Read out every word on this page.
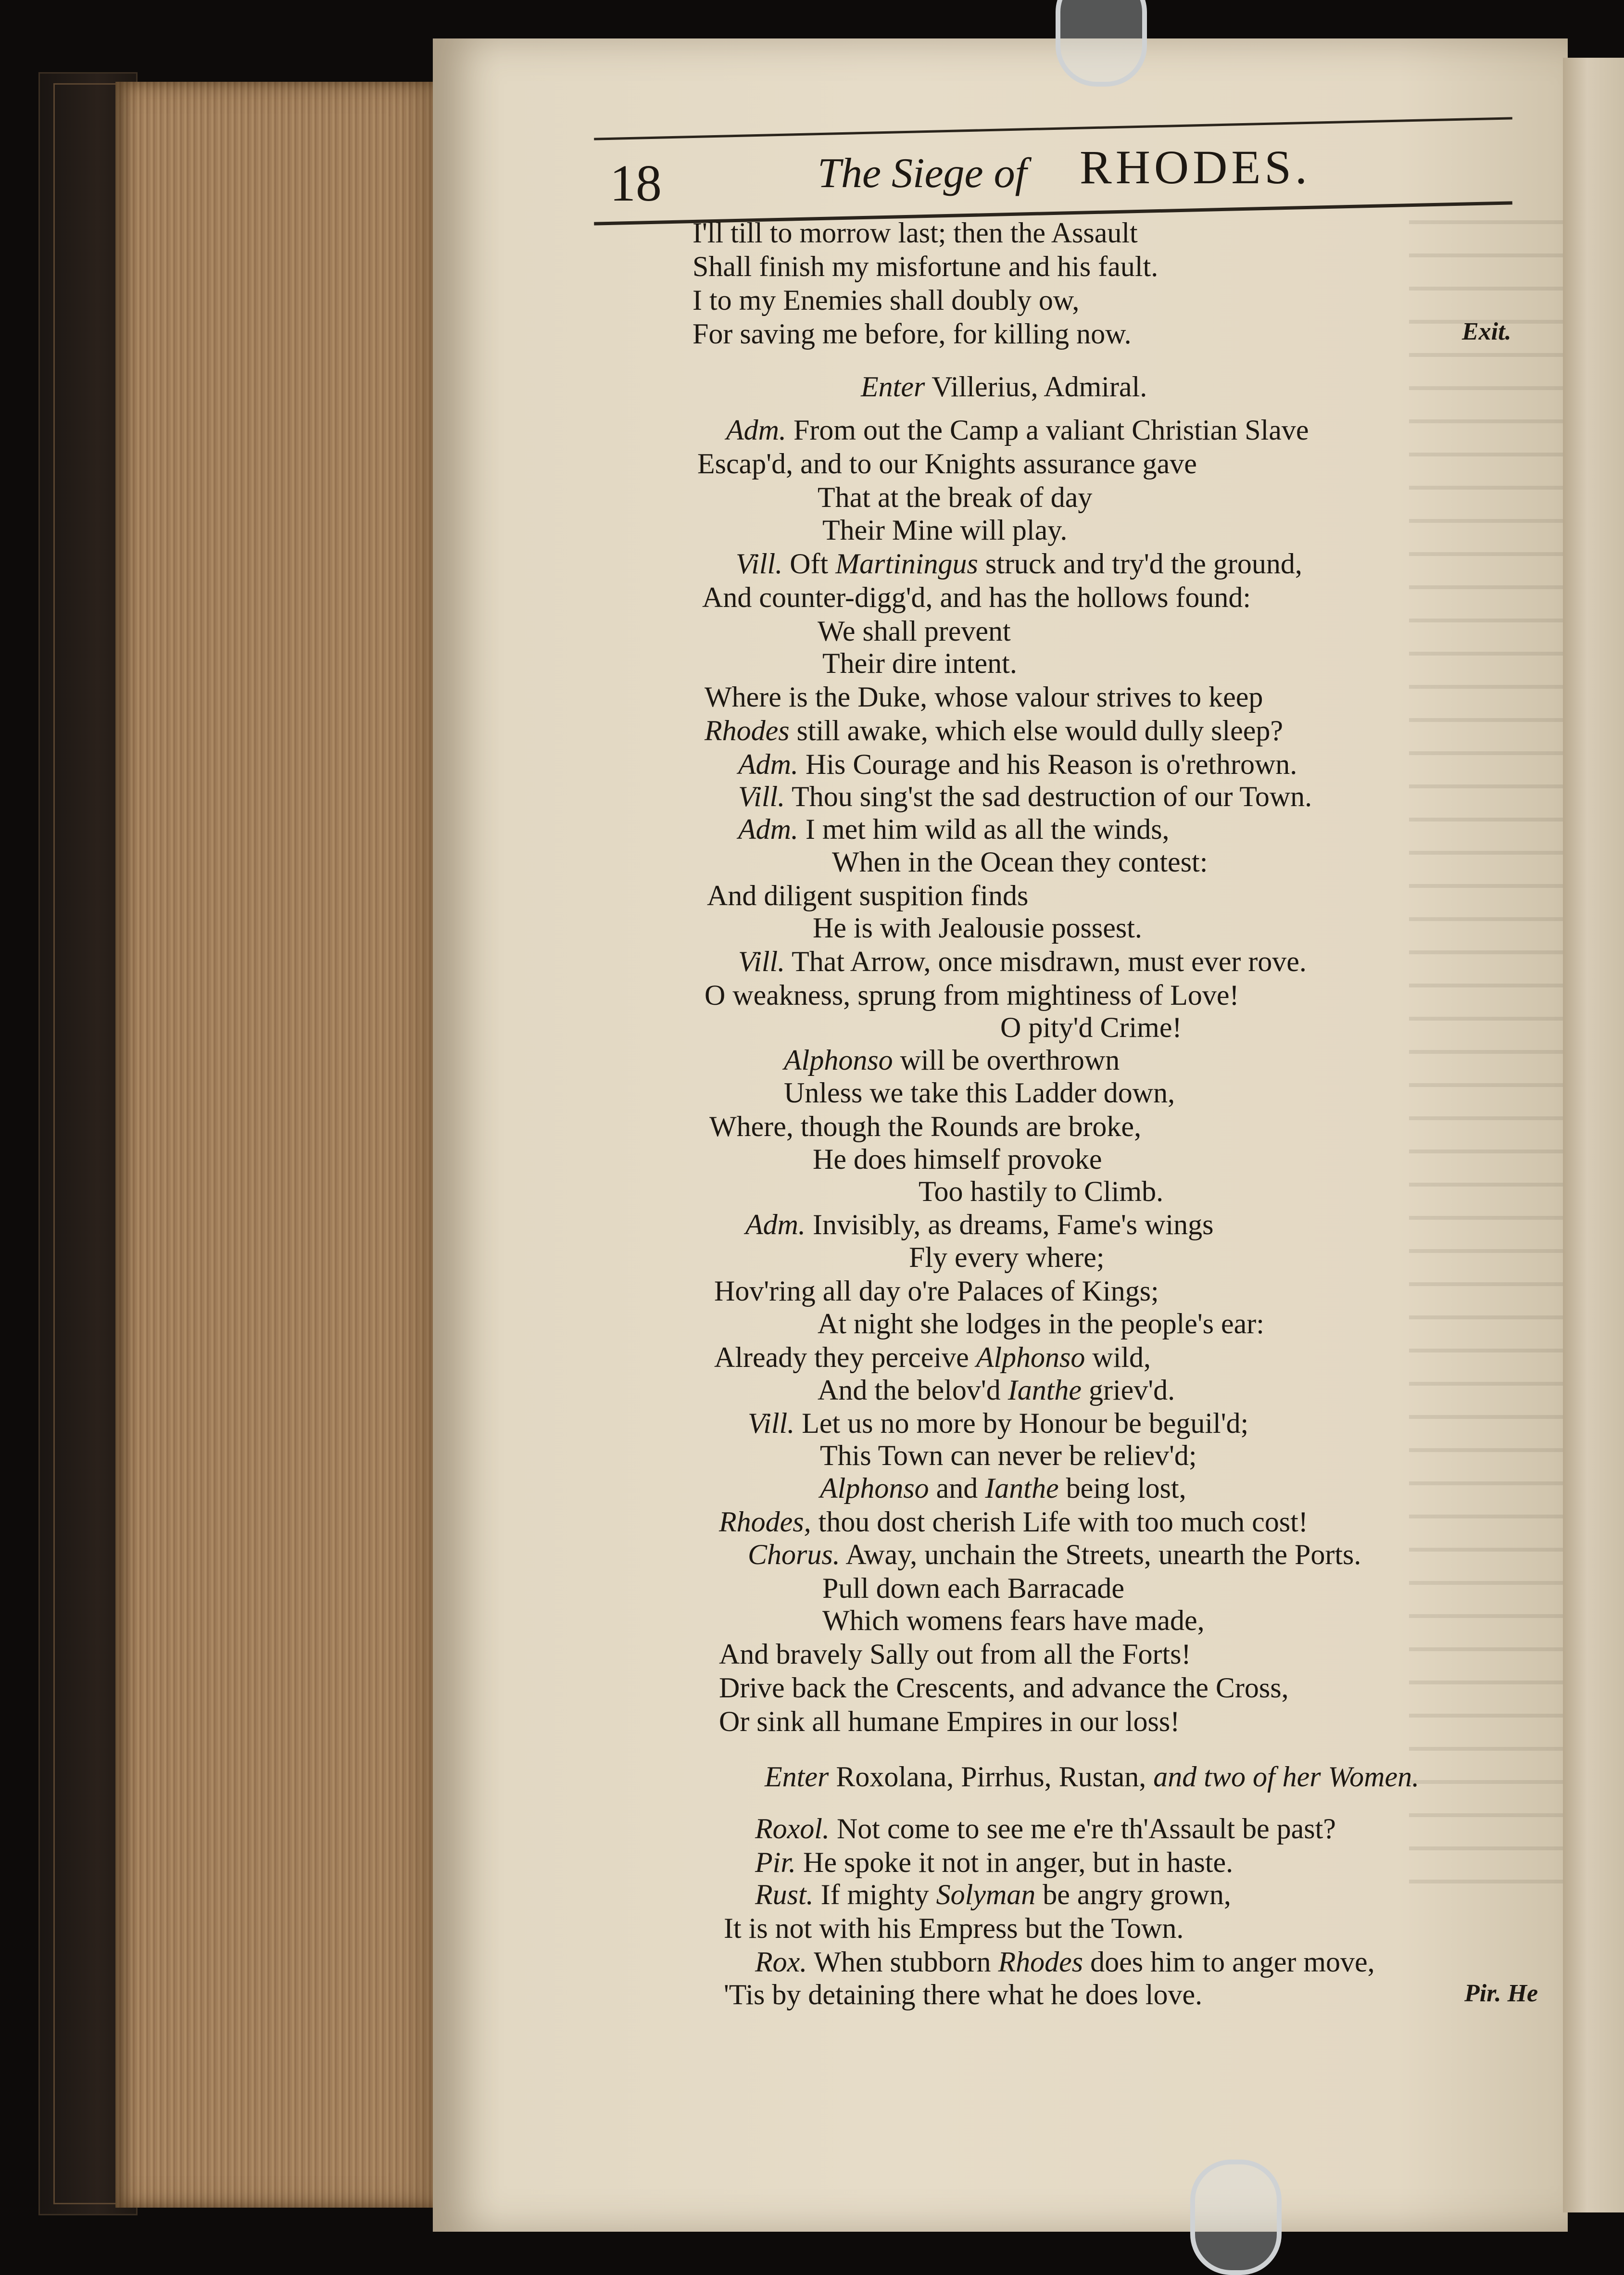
18	The Siege of RHODES.
I'll till to morrow last; then the Assault
Shall finish my misfortune and his fault.
I to my Enemies shall doubly ow,
For saving me before, for killing now.
Enter Villerius, Admiral.
Adm. From out the Camp a valiant Christian Slave
Escap'd, and to our Knights assurance gave
That at the break of day
Their Mine will play.
Vill. Oft Martiningus struck and try'd the ground,
And counter-digg'd, and has the hollows found:
We shall prevent
Their dire intent.
Where is the Duke, whose valour strives to keep
Rhodes still awake, which else would dully sleep?
Adm. His Courage and his Reason is o'rethrown.
Vill. Thou sing'st the sad destruction of our Town.
Adm. I met him wild as all the winds,
When in the Ocean they contest:
And diligent suspition finds
He is with Jealousie possest.
Vill. That Arrow, once misdrawn, must ever rove.
O weakness, sprung from mightiness of Love!
O pity'd Crime!
Alphonso will be overthrown
Unless we take this Ladder down,
Where, though the Rounds are broke,
He does himself provoke
Too hastily to Climb.
Adm. Invisibly, as dreams, Fame's wings
Fly every where;
Hov'ring all day o're Palaces of Kings;
At night she lodges in the people's ear:
Already they perceive Alphonso wild,
And the belov'd Ianthe griev'd.
Vill. Let us no more by Honour be beguil'd;
This Town can never be reliev'd;
Alphonso and Ianthe being lost,
Rhodes, thou dost cherish Life with too much cost!
Chorus. Away, unchain the Streets, unearth the Ports.
Pull down each Barracade
Which womens fears have made,
And bravely Sally out from all the Forts!
Drive back the Crescents, and advance the Cross,
Or sink all humane Empires in our loss!
Enter Roxolana, Pirrhus, Rustan, and two of her Women.
Roxol. Not come to see me e're th'Assault be past?
Pir. He spoke it not in anger, but in haste.
Rust. If mighty Solyman be angry grown,
It is not with his Empress but the Town.
Rox. When stubborn Rhodes does him to anger move,
'Tis by detaining there what he does love.
Exit.
Pir. He
